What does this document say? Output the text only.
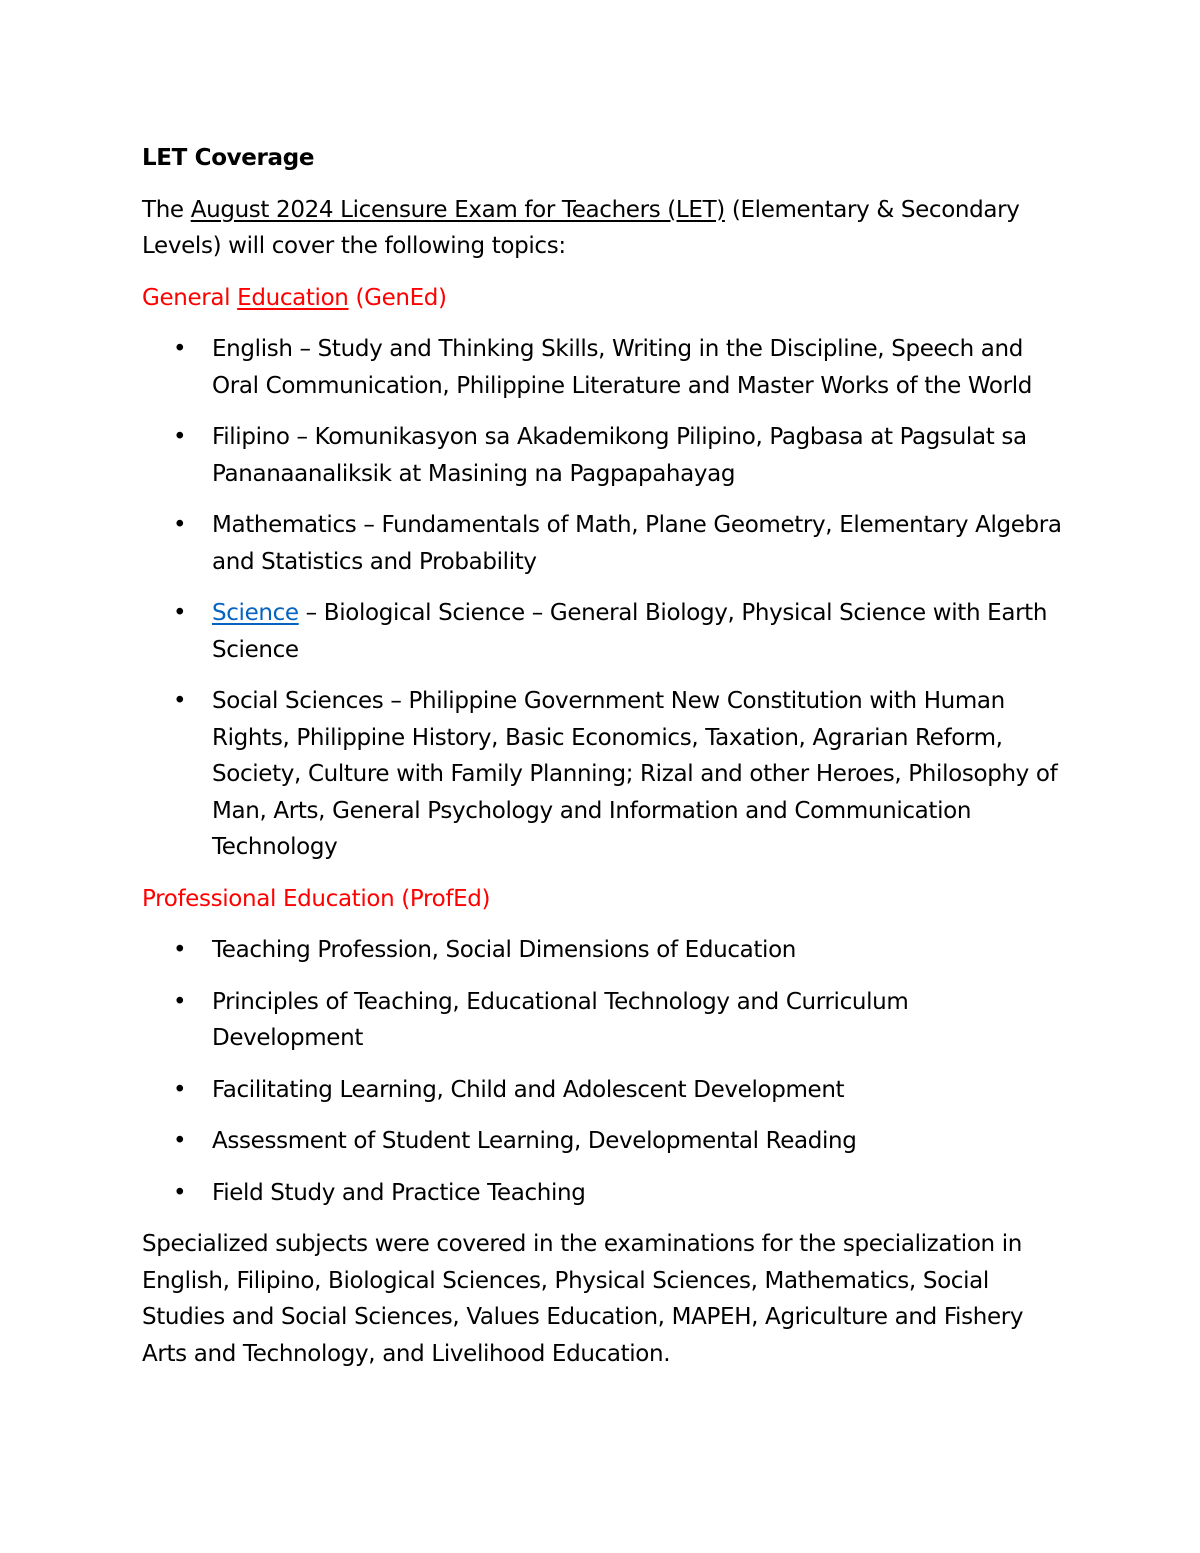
LET Coverage

The August 2024 Licensure Exam for Teachers (LET) (Elementary & Secondary Levels) will cover the following topics:

General Education (GenEd)

• English – Study and Thinking Skills, Writing in the Discipline, Speech and Oral Communication, Philippine Literature and Master Works of the World
• Filipino – Komunikasyon sa Akademikong Pilipino, Pagbasa at Pagsulat sa Pananaanaliksik at Masining na Pagpapahayag
• Mathematics – Fundamentals of Math, Plane Geometry, Elementary Algebra and Statistics and Probability
• Science – Biological Science – General Biology, Physical Science with Earth Science
• Social Sciences – Philippine Government New Constitution with Human Rights, Philippine History, Basic Economics, Taxation, Agrarian Reform, Society, Culture with Family Planning; Rizal and other Heroes, Philosophy of Man, Arts, General Psychology and Information and Communication Technology

Professional Education (ProfEd)

• Teaching Profession, Social Dimensions of Education
• Principles of Teaching, Educational Technology and Curriculum Development
• Facilitating Learning, Child and Adolescent Development
• Assessment of Student Learning, Developmental Reading
• Field Study and Practice Teaching

Specialized subjects were covered in the examinations for the specialization in English, Filipino, Biological Sciences, Physical Sciences, Mathematics, Social Studies and Social Sciences, Values Education, MAPEH, Agriculture and Fishery Arts and Technology, and Livelihood Education.
